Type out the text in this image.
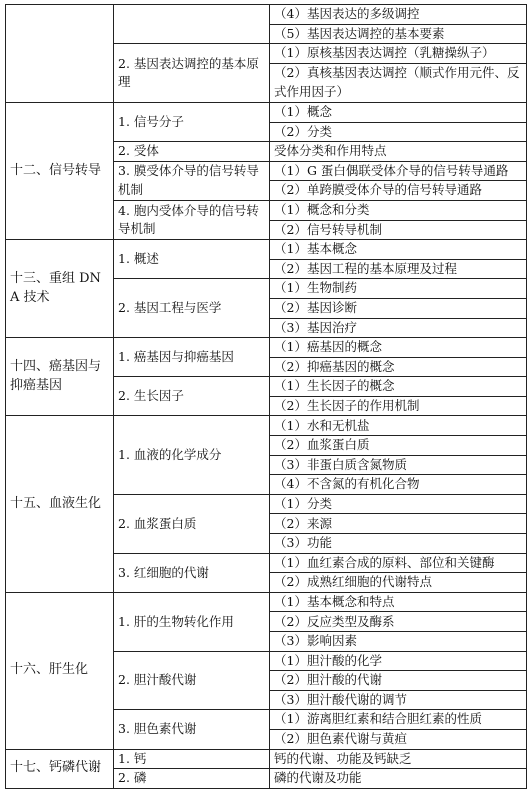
		（4）基因表达的多级调控
		（5）基因表达调控的基本要素
	2. 基因表达调控的基本原理	（1）原核基因表达调控（乳糖操纵子）
		（2）真核基因表达调控（顺式作用元件、反式作用因子）
十二、信号转导	1. 信号分子	（1）概念
		（2）分类
	2. 受体	受体分类和作用特点
	3. 膜受体介导的信号转导机制	（1）G 蛋白偶联受体介导的信号转导通路
		（2）单跨膜受体介导的信号转导通路
	4. 胞内受体介导的信号转导机制	（1）概念和分类
		（2）信号转导机制
十三、重组 DNA 技术	1. 概述	（1）基本概念
		（2）基因工程的基本原理及过程
	2. 基因工程与医学	（1）生物制药
		（2）基因诊断
		（3）基因治疗
十四、癌基因与抑癌基因	1. 癌基因与抑癌基因	（1）癌基因的概念
		（2）抑癌基因的概念
	2. 生长因子	（1）生长因子的概念
		（2）生长因子的作用机制
十五、血液生化	1. 血液的化学成分	（1）水和无机盐
		（2）血浆蛋白质
		（3）非蛋白质含氮物质
		（4）不含氮的有机化合物
	2. 血浆蛋白质	（1）分类
		（2）来源
		（3）功能
	3. 红细胞的代谢	（1）血红素合成的原料、部位和关键酶
		（2）成熟红细胞的代谢特点
十六、肝生化	1. 肝的生物转化作用	（1）基本概念和特点
		（2）反应类型及酶系
		（3）影响因素
	2. 胆汁酸代谢	（1）胆汁酸的化学
		（2）胆汁酸的代谢
		（3）胆汁酸代谢的调节
	3. 胆色素代谢	（1）游离胆红素和结合胆红素的性质
		（2）胆色素代谢与黄疸
十七、钙磷代谢	1. 钙	钙的代谢、功能及钙缺乏
	2. 磷	磷的代谢及功能
